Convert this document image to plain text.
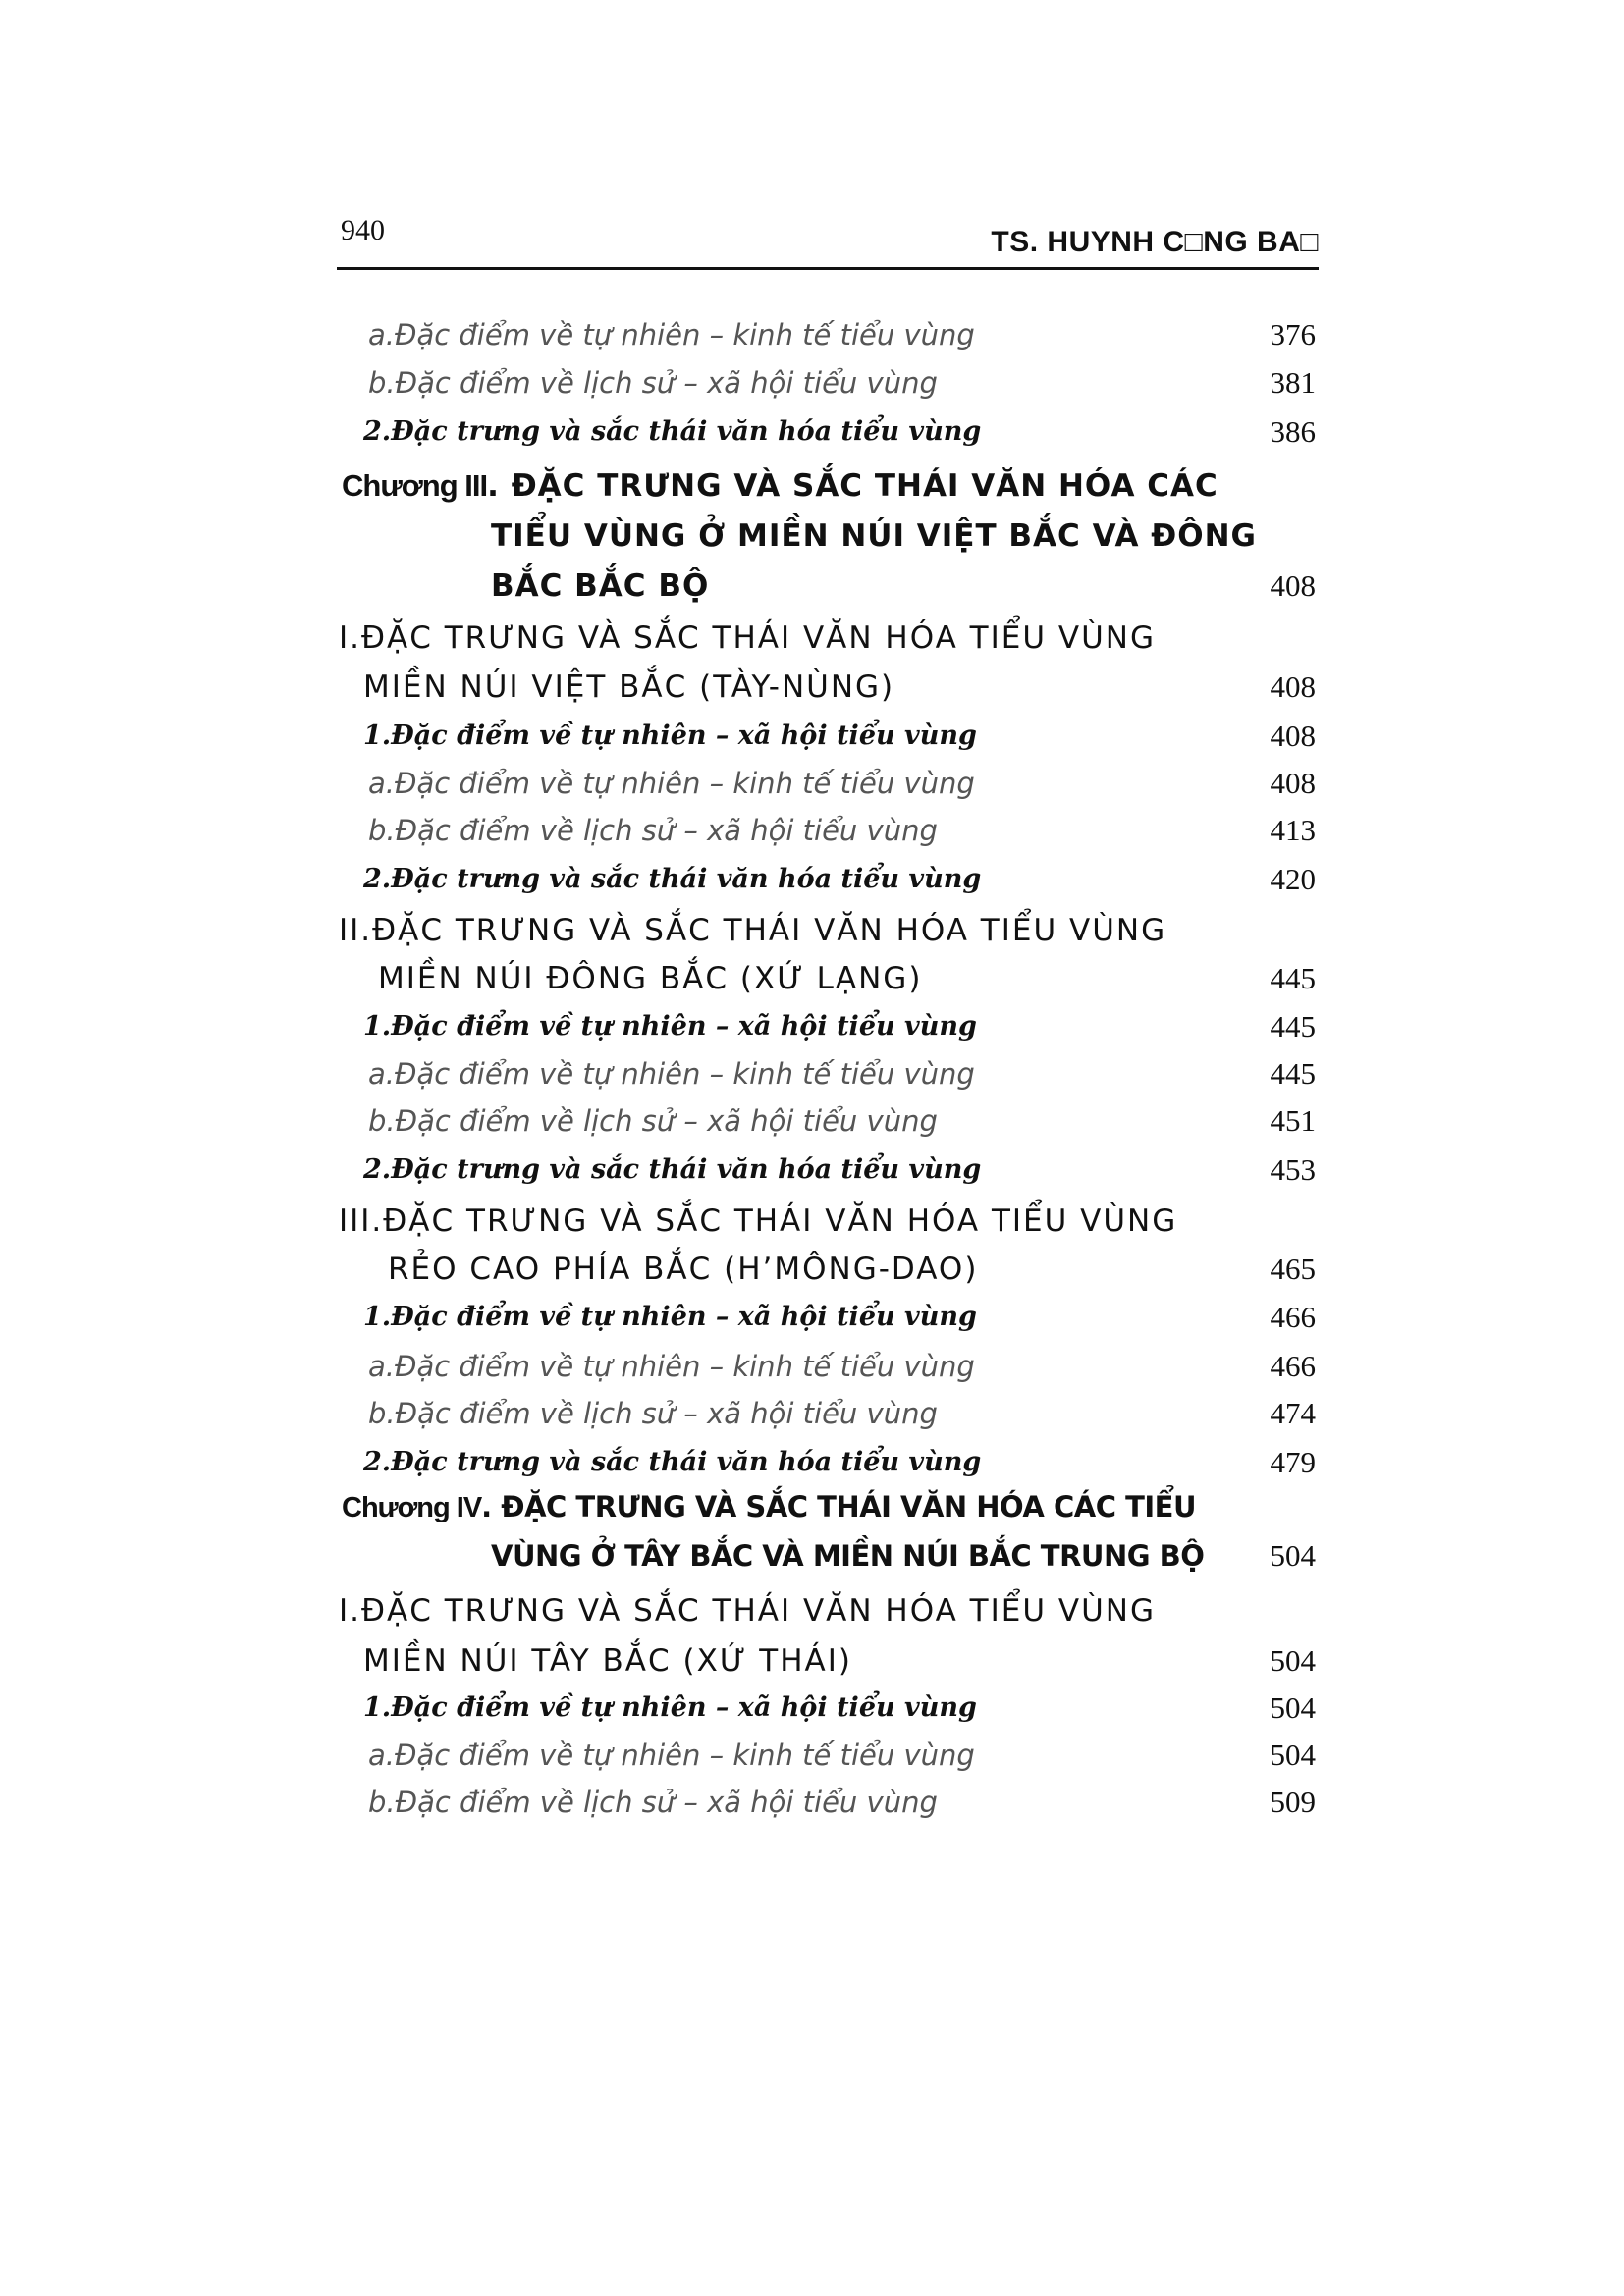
940	TS. HUYNH C□NG BA□
a.Đặc điểm về tự nhiên – kinh tế tiểu vùng	376
b.Đặc điểm về lịch sử – xã hội tiểu vùng	381
2.Đặc trưng và sắc thái văn hóa tiểu vùng	386
Chương III. ĐẶC TRƯNG VÀ SẮC THÁI VĂN HÓA CÁC
TIỂU VÙNG Ở MIỀN NÚI VIỆT BẮC VÀ ĐÔNG
BẮC BẮC BỘ	408
I.ĐẶC TRƯNG VÀ SẮC THÁI VĂN HÓA TIỂU VÙNG
MIỀN NÚI VIỆT BẮC (TÀY-NÙNG)	408
1.Đặc điểm về tự nhiên – xã hội tiểu vùng	408
a.Đặc điểm về tự nhiên – kinh tế tiểu vùng	408
b.Đặc điểm về lịch sử – xã hội tiểu vùng	413
2.Đặc trưng và sắc thái văn hóa tiểu vùng	420
II.ĐẶC TRƯNG VÀ SẮC THÁI VĂN HÓA TIỂU VÙNG
MIỀN NÚI ĐÔNG BẮC (XỨ LẠNG)	445
1.Đặc điểm về tự nhiên – xã hội tiểu vùng	445
a.Đặc điểm về tự nhiên – kinh tế tiểu vùng	445
b.Đặc điểm về lịch sử – xã hội tiểu vùng	451
2.Đặc trưng và sắc thái văn hóa tiểu vùng	453
III.ĐẶC TRƯNG VÀ SẮC THÁI VĂN HÓA TIỂU VÙNG
RẺO CAO PHÍA BẮC (H’MÔNG-DAO)	465
1.Đặc điểm về tự nhiên – xã hội tiểu vùng	466
a.Đặc điểm về tự nhiên – kinh tế tiểu vùng	466
b.Đặc điểm về lịch sử – xã hội tiểu vùng	474
2.Đặc trưng và sắc thái văn hóa tiểu vùng	479
Chương IV. ĐẶC TRƯNG VÀ SẮC THÁI VĂN HÓA CÁC TIỂU
VÙNG Ở TÂY BẮC VÀ MIỀN NÚI BẮC TRUNG BỘ	504
I.ĐẶC TRƯNG VÀ SẮC THÁI VĂN HÓA TIỂU VÙNG
MIỀN NÚI TÂY BẮC (XỨ THÁI)	504
1.Đặc điểm về tự nhiên – xã hội tiểu vùng	504
a.Đặc điểm về tự nhiên – kinh tế tiểu vùng	504
b.Đặc điểm về lịch sử – xã hội tiểu vùng	509
